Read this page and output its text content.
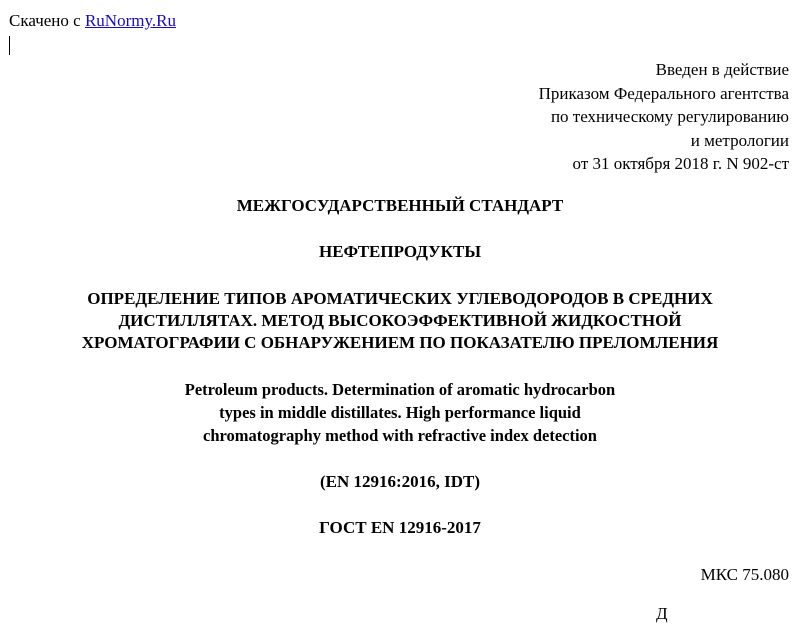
Скачено с RuNormy.Ru
Введен в действие
Приказом Федерального агентства
по техническому регулированию
и метрологии
от 31 октября 2018 г. N 902-ст
МЕЖГОСУДАРСТВЕННЫЙ СТАНДАРТ
НЕФТЕПРОДУКТЫ
ОПРЕДЕЛЕНИЕ ТИПОВ АРОМАТИЧЕСКИХ УГЛЕВОДОРОДОВ В СРЕДНИХ
ДИСТИЛЛЯТАХ. МЕТОД ВЫСОКОЭФФЕКТИВНОЙ ЖИДКОСТНОЙ
ХРОМАТОГРАФИИ С ОБНАРУЖЕНИЕМ ПО ПОКАЗАТЕЛЮ ПРЕЛОМЛЕНИЯ
Petroleum products. Determination of aromatic hydrocarbon
types in middle distillates. High performance liquid
chromatography method with refractive index detection
(EN 12916:2016, IDT)
ГОСТ EN 12916-2017
МКС 75.080
Д
